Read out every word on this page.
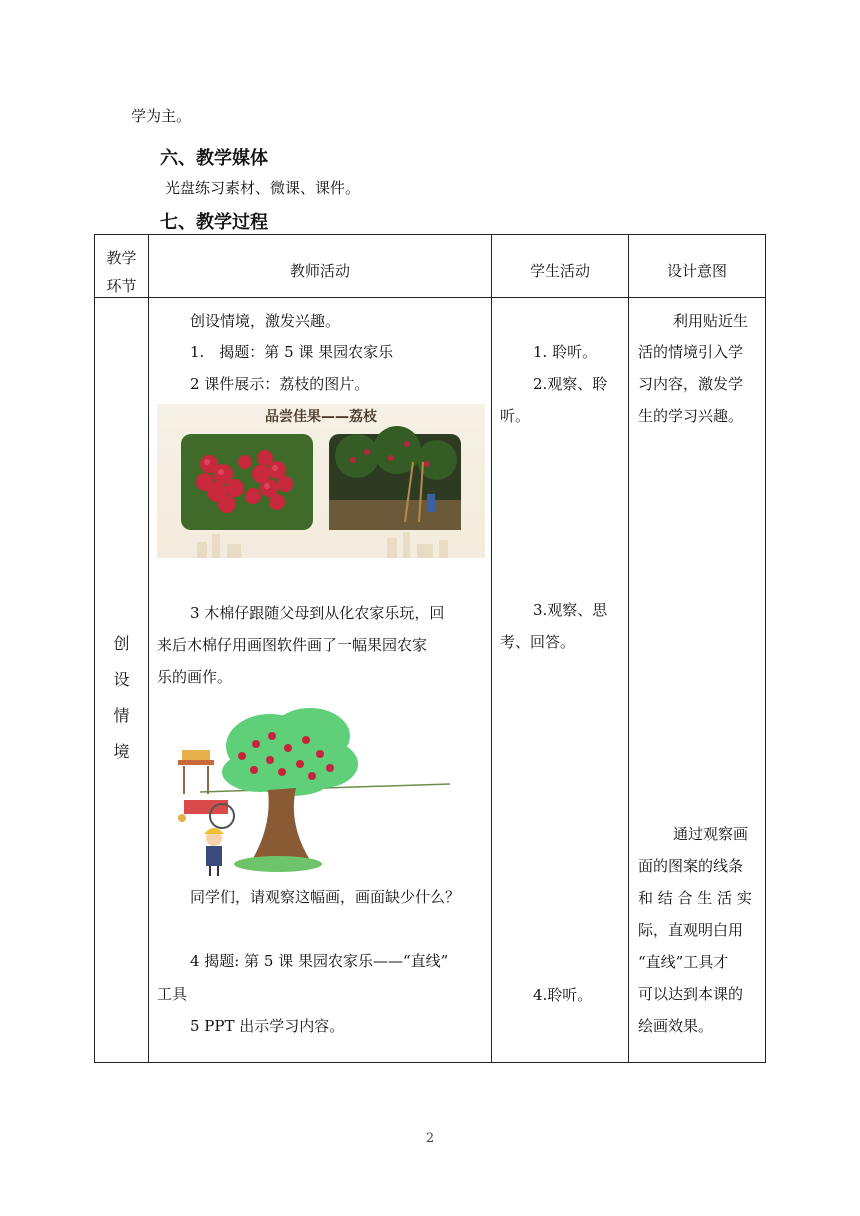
学为主。
六、教学媒体
光盘练习素材、微课、课件。
七、教学过程
教学
环节
教师活动	学生活动	设计意图
创
设
情
境
创设情境，激发兴趣。
1.　揭题：第 5 课 果园农家乐
2 课件展示：荔枝的图片。
品尝佳果——荔枝
3 木棉仔跟随父母到从化农家乐玩，回
来后木棉仔用画图软件画了一幅果园农家
乐的画作。
同学们，请观察这幅画，画面缺少什么？
4 揭题: 第 5 课 果园农家乐——“直线”
工具
5 PPT 出示学习内容。
1. 聆听。
2.观察、聆
听。
3.观察、思
考、回答。
4.聆听。
利用贴近生
活的情境引入学
习内容，激发学
生的学习兴趣。
通过观察画
面的图案的线条
和 结 合 生 活 实
际，直观明白用
“直线”工具才
可以达到本课的
绘画效果。
2
